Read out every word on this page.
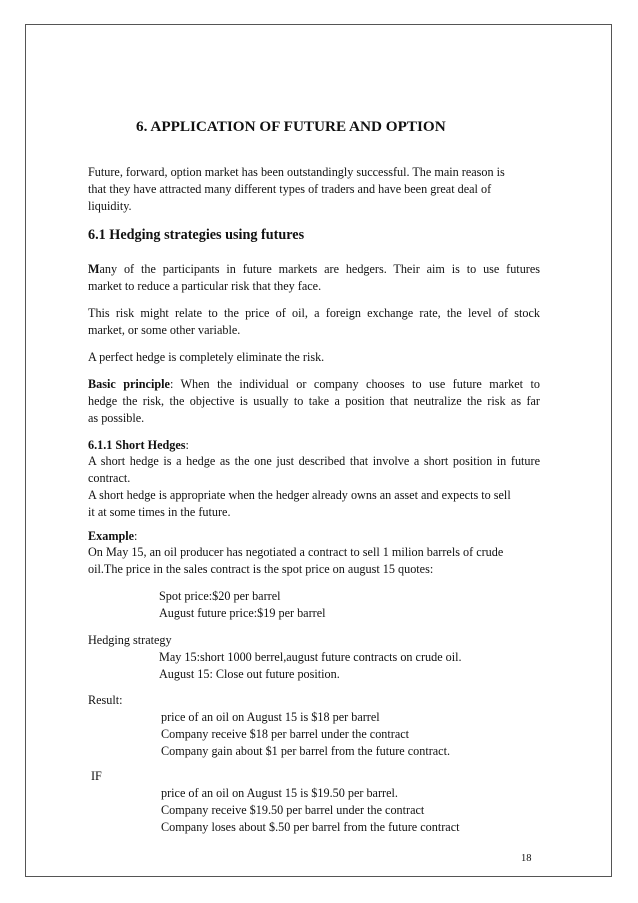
6. APPLICATION OF FUTURE AND OPTION
Future, forward, option market has been outstandingly successful. The main reason is
that they have attracted many different types of traders and have been great deal of
liquidity.
6.1 Hedging strategies using futures
Many of the participants in future markets are hedgers. Their aim is to use futures
market to reduce a particular risk that they face.
This risk might relate to the price of oil, a foreign exchange rate, the level of stock
market, or some other variable.
A perfect hedge is completely eliminate the risk.
Basic principle: When the individual or company chooses to use future market to
hedge the risk, the objective is usually to take a position that neutralize the risk as far
as possible.
6.1.1 Short Hedges:
A short hedge is a hedge as the one just described that involve a short position in future
contract.
A short hedge is appropriate when the hedger already owns an asset and expects to sell
it at some times in the future.
Example:
On May 15, an oil producer has negotiated a contract to sell 1 milion barrels of crude
oil.The price in the sales contract is the spot price on august 15 quotes:
Spot price:$20 per barrel
August future price:$19 per barrel
Hedging strategy
May 15:short 1000 berrel,august future contracts on crude oil.
August 15: Close out future position.
Result:
price of an oil on August 15 is $18 per barrel
Company receive $18 per barrel under the contract
Company gain about $1 per barrel from the future contract.
IF
price of an oil on August 15 is $19.50 per barrel.
Company receive $19.50 per barrel under the contract
Company loses about $.50 per barrel from the future contract
18
